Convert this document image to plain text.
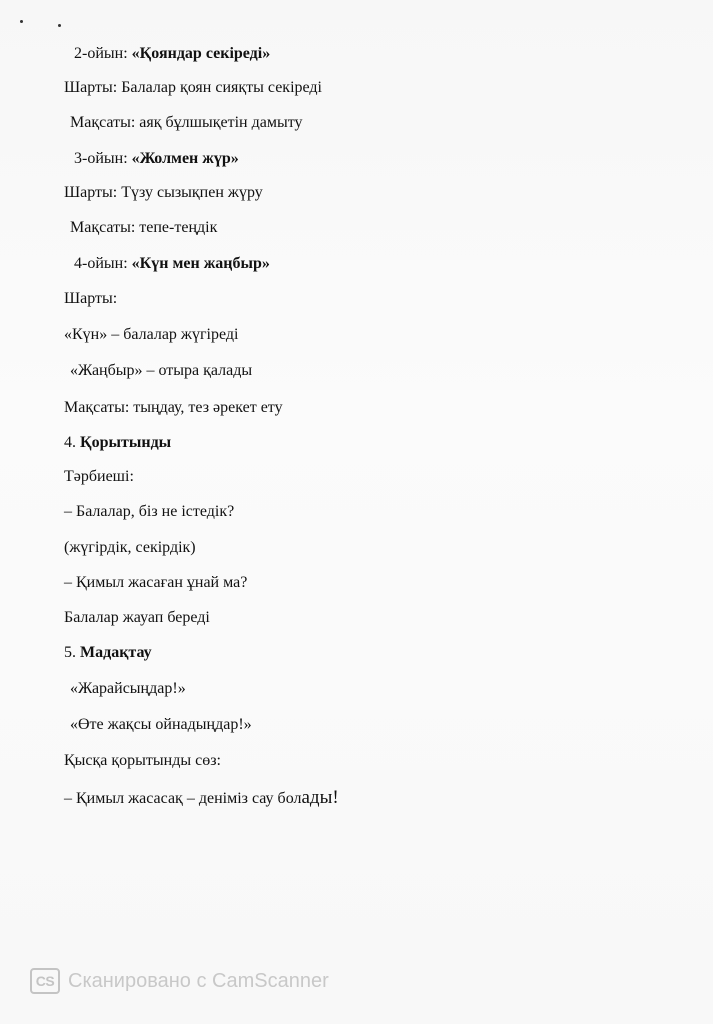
2-ойын: «Қояндар секіреді»
Шарты: Балалар қоян сияқты секіреді
Мақсаты: аяқ бұлшықетін дамыту
3-ойын: «Жолмен жүр»
Шарты: Түзу сызықпен жүру
Мақсаты: тепе-теңдік
4-ойын: «Күн мен жаңбыр»
Шарты:
«Күн» – балалар жүгіреді
«Жаңбыр» – отыра қалады
Мақсаты: тыңдау, тез әрекет ету
4. Қорытынды
Тәрбиеші:
– Балалар, біз не істедік?
(жүгірдік, секірдік)
– Қимыл жасаған ұнай ма?
Балалар жауап береді
5. Мадақтау
«Жарайсыңдар!»
«Өте жақсы ойнадыңдар!»
Қысқа қорытынды сөз:
– Қимыл жасасақ – деніміз сау болады!
CS Сканировано с CamScanner
